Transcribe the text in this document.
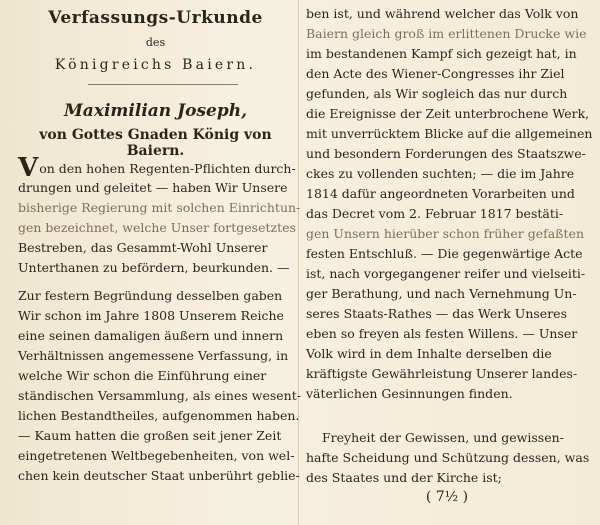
Verfassungs-Urkunde
des
Königreichs Baiern.
Maximilian Joseph,
von Gottes Gnaden König von Baiern.
Von den hohen Regenten-Pflichten durch-
drungen und geleitet — haben Wir Unsere
bisherige Regierung mit solchen Einrichtun-
gen bezeichnet, welche Unser fortgesetztes
Bestreben, das Gesammt-Wohl Unserer
Unterthanen zu befördern, beurkunden. —
Zur festern Begründung desselben gaben
Wir schon im Jahre 1808 Unserem Reiche
eine seinen damaligen äußern und innern
Verhältnissen angemessene Verfassung, in
welche Wir schon die Einführung einer
ständischen Versammlung, als eines wesent-
lichen Bestandtheiles, aufgenommen haben.
— Kaum hatten die großen seit jener Zeit
eingetretenen Weltbegebenheiten, von wel-
chen kein deutscher Staat unberührt geblie-
ben ist, und während welcher das Volk von
Baiern gleich groß im erlittenen Drucke wie
im bestandenen Kampf sich gezeigt hat, in
den Acte des Wiener-Congresses ihr Ziel
gefunden, als Wir sogleich das nur durch
die Ereignisse der Zeit unterbrochene Werk,
mit unverrücktem Blicke auf die allgemeinen
und besondern Forderungen des Staatszwe-
ckes zu vollenden suchten; — die im Jahre
1814 dafür angeordneten Vorarbeiten und
das Decret vom 2. Februar 1817 bestäti-
gen Unsern hierüber schon früher gefaßten
festen Entschluß. — Die gegenwärtige Acte
ist, nach vorgegangener reifer und vielseiti-
ger Berathung, und nach Vernehmung Un-
seres Staats-Rathes — das Werk Unseres
eben so freyen als festen Willens. — Unser
Volk wird in dem Inhalte derselben die
kräftigste Gewährleistung Unserer landes-
väterlichen Gesinnungen finden.
Freyheit der Gewissen, und gewissen-
hafte Scheidung und Schützung dessen, was
des Staates und der Kirche ist;
( 7½ )
